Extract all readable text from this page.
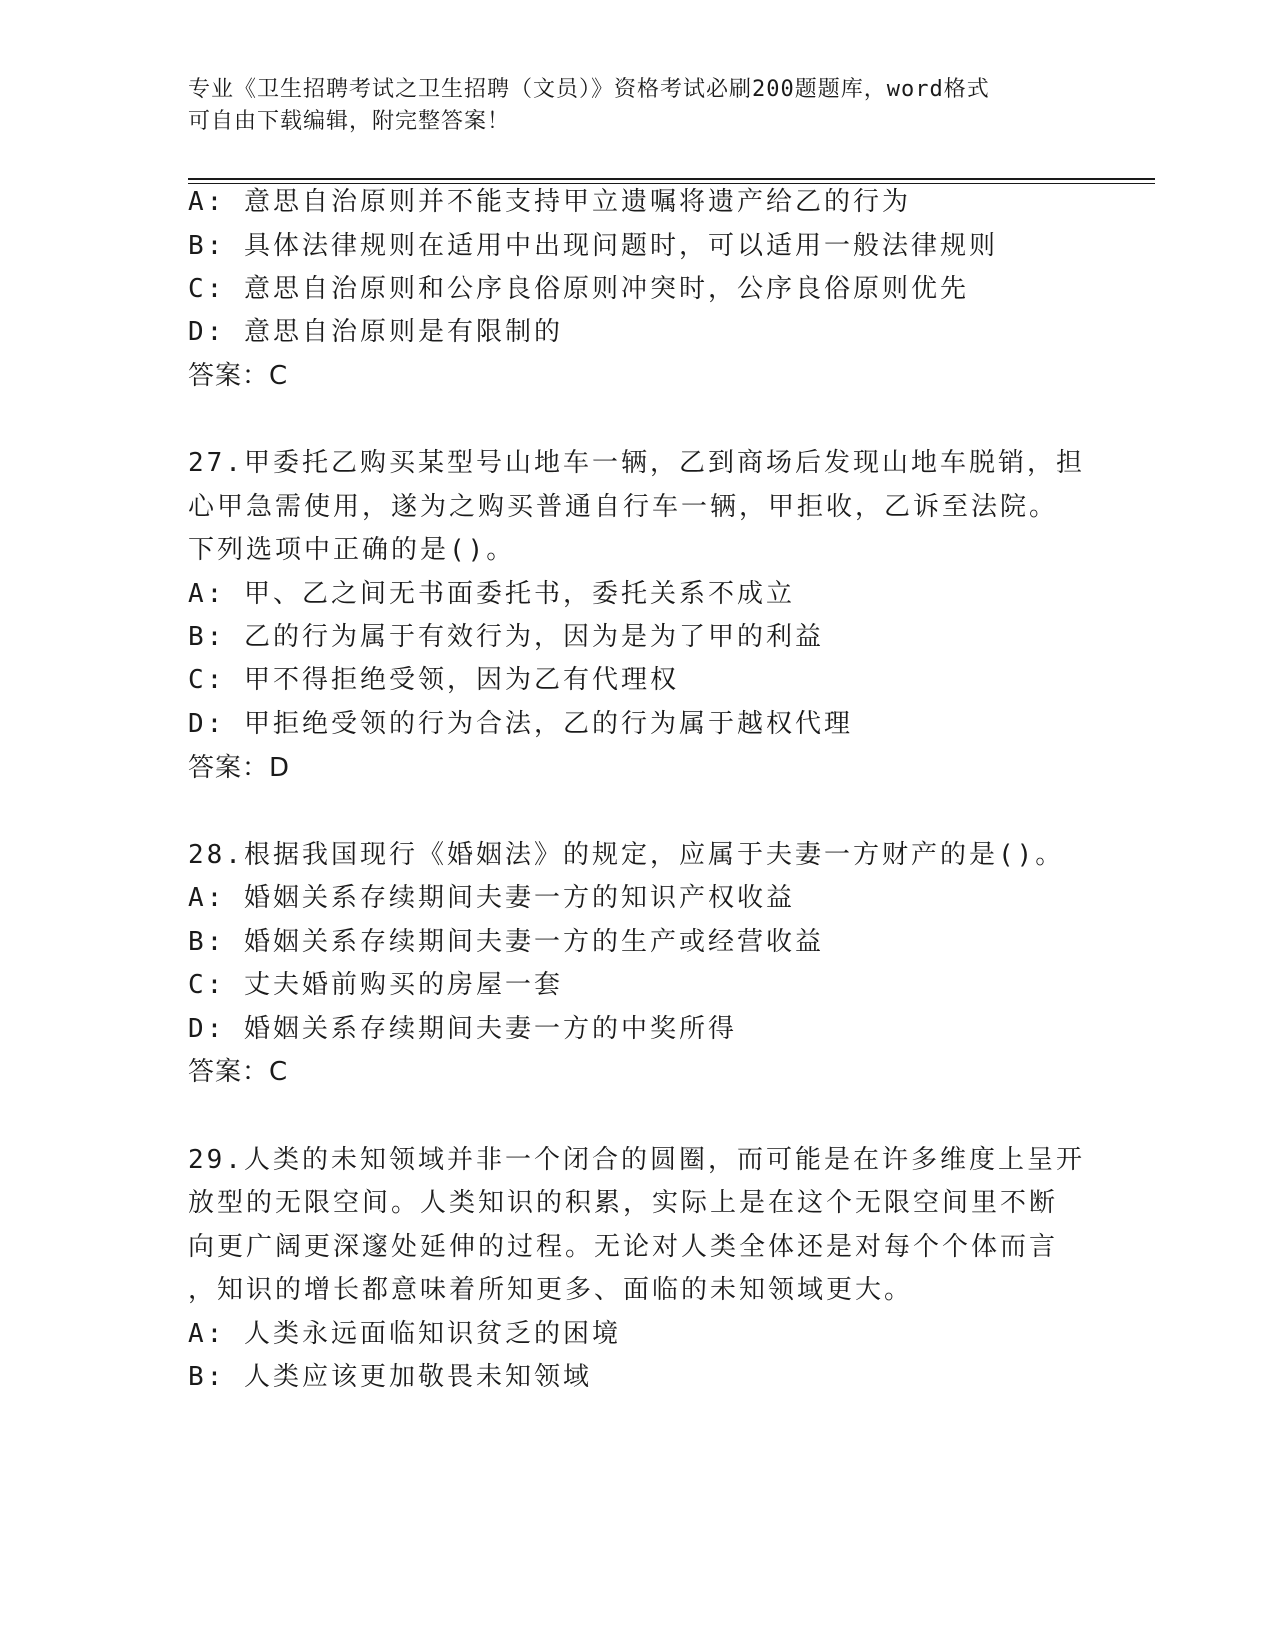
专业《卫生招聘考试之卫生招聘（文员）》资格考试必刷200题题库，word格式
可自由下载编辑，附完整答案！
A: 意思自治原则并不能支持甲立遗嘱将遗产给乙的行为
B: 具体法律规则在适用中出现问题时，可以适用一般法律规则
C: 意思自治原则和公序良俗原则冲突时，公序良俗原则优先
D: 意思自治原则是有限制的
答案：C
27.甲委托乙购买某型号山地车一辆，乙到商场后发现山地车脱销，担
心甲急需使用，遂为之购买普通自行车一辆，甲拒收，乙诉至法院。
下列选项中正确的是()。
A: 甲、乙之间无书面委托书，委托关系不成立
B: 乙的行为属于有效行为，因为是为了甲的利益
C: 甲不得拒绝受领，因为乙有代理权
D: 甲拒绝受领的行为合法，乙的行为属于越权代理
答案：D
28.根据我国现行《婚姻法》的规定，应属于夫妻一方财产的是()。
A: 婚姻关系存续期间夫妻一方的知识产权收益
B: 婚姻关系存续期间夫妻一方的生产或经营收益
C: 丈夫婚前购买的房屋一套
D: 婚姻关系存续期间夫妻一方的中奖所得
答案：C
29.人类的未知领域并非一个闭合的圆圈，而可能是在许多维度上呈开
放型的无限空间。人类知识的积累，实际上是在这个无限空间里不断
向更广阔更深邃处延伸的过程。无论对人类全体还是对每个个体而言
，知识的增长都意味着所知更多、面临的未知领域更大。
A: 人类永远面临知识贫乏的困境
B: 人类应该更加敬畏未知领域
